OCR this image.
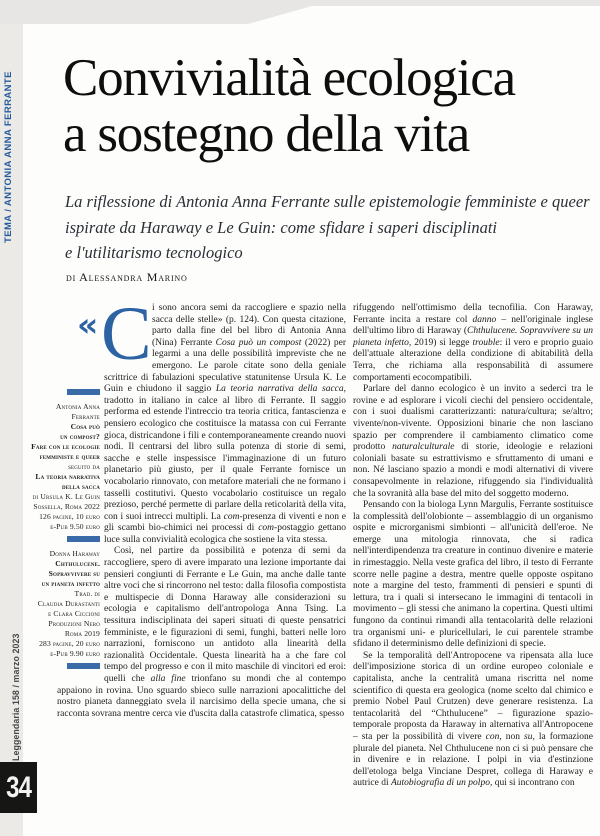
TEMA / ANTONIA ANNA FERRANTE Convivialità ecologica
a sostegno della vita
La riflessione di Antonia Anna Ferrante sulle epistemologie femministe e queer
ispirate da Haraway e Le Guin: come sfidare i saperi disciplinati
e l'utilitarismo tecnologico
di Alessandra Marino
Antonia Anna
Ferrante
Cosa può
un compost?
Fare con le ecologie
femministe e queer
seguito da
La teoria narrativa
della sacca
di Ursula K. Le Guin
Sossella, Roma 2022
126 pagine, 10 euro
e-Pub 9.50 euro
Donna Haraway
Chthulucene.
Sopravvivere su
un pianeta infetto
Trad. di
Claudia Durastanti
e Clara Ciccioni
Produzioni Nero
Roma 2019
283 pagine, 20 euro
e-Pub 9.90 euro

« C i sono ancora semi da raccogliere e spazio nella sacca delle stelle» (p. 124). Con questa citazione, parto dalla fine del bel libro di Antonia Anna (Nina) Ferrante Cosa può un compost (2022) per legarmi a una delle possibilità impreviste che ne emergono. Le parole citate sono della geniale scrittrice di fabulazioni speculative statunitense Ursula K. Le Guin e chiudono il saggio La teoria narrativa della sacca, tradotto in italiano in calce al libro di Ferrante. Il saggio performa ed estende l'intreccio tra teoria critica, fantascienza e pensiero ecologico che costituisce la matassa con cui Ferrante gioca, districandone i fili e contemporaneamente creando nuovi nodi. Il centrarsi del libro sulla potenza di storie di semi, sacche e stelle inspessisce l'immaginazione di un futuro planetario più giusto, per il quale Ferrante fornisce un vocabolario rinnovato, con metafore materiali che ne formano i tasselli costitutivi. Questo vocabolario costituisce un regalo prezioso, perché permette di parlare della reticolarità della vita, con i suoi intrecci multipli. La com-presenza di viventi e non e gli scambi bio-chimici nei processi di com-postaggio gettano luce sulla convivialità ecologica che sostiene la vita stessa.

Così, nel partire da possibilità e potenza di semi da raccogliere, spero di avere imparato una lezione importante dai pensieri congiunti di Ferrante e Le Guin, ma anche dalle tante altre voci che si rincorrono nel testo: dalla filosofia compostista e multispecie di Donna Haraway alle considerazioni su ecologia e capitalismo dell'antropologa Anna Tsing. La tessitura indisciplinata dei saperi situati di queste pensatrici femministe, e le figurazioni di semi, funghi, batteri nelle loro narrazioni, forniscono un antidoto alla linearità della razionalità Occidentale. Questa linearità ha a che fare col tempo del progresso e con il mito maschile di vincitori ed eroi: quelli che alla fine trionfano su mondi che al contempo appaiono in rovina. Uno sguardo sbieco sulle narrazioni apocalittiche del nostro pianeta danneggiato svela il narcisimo della specie umana, che si racconta sovrana mentre cerca vie d'uscita dalla catastrofe climatica, spesso

rifuggendo nell'ottimismo della tecnofilia. Con Haraway, Ferrante incita a restare col danno – nell'originale inglese dell'ultimo libro di Haraway (Chthulucene. Sopravvivere su un pianeta infetto, 2019) si legge trouble: il vero e proprio guaio dell'attuale alterazione della condizione di abitabilità della Terra, che richiama alla responsabilità di assumere comportamenti ecocompatibili.

Parlare del danno ecologico è un invito a sederci tra le rovine e ad esplorare i vicoli ciechi del pensiero occidentale, con i suoi dualismi caratterizzanti: natura/cultura; se/altro; vivente/non-vivente. Opposizioni binarie che non lasciano spazio per comprendere il cambiamento climatico come prodotto naturalculturale di storie, ideologie e relazioni coloniali basate su estrattivismo e sfruttamento di umani e non. Né lasciano spazio a mondi e modi alternativi di vivere consapevolmente in relazione, rifuggendo sia l'individualità che la sovranità alla base del mito del soggetto moderno.

Pensando con la biologa Lynn Margulis, Ferrante sostituisce la complessità dell'olobionte – assemblaggio di un organismo ospite e microrganismi simbionti – all'unicità dell'eroe. Ne emerge una mitologia rinnovata, che si radica nell'interdipendenza tra creature in continuo divenire e materie in rimestaggio. Nella veste grafica del libro, il testo di Ferrante scorre nelle pagine a destra, mentre quelle opposte ospitano note a margine del testo, frammenti di pensieri e spunti di lettura, tra i quali si intersecano le immagini di tentacoli in movimento – gli stessi che animano la copertina. Questi ultimi fungono da continui rimandi alla tentacolarità delle relazioni tra organismi uni- e pluricellulari, le cui parentele strambe sfidano il determinismo delle definizioni di specie.

Se la temporalità dell'Antropocene va ripensata alla luce dell'imposizione storica di un ordine europeo coloniale e capitalista, anche la centralità umana riscritta nel nome scientifico di questa era geologica (nome scelto dal chimico e premio Nobel Paul Crutzen) deve generare resistenza. La tentacolarità del “Chthulucene” – figurazione spazio-temporale proposta da Haraway in alternativa all'Antropocene – sta per la possibilità di vivere con, non su, la formazione plurale del pianeta. Nel Chthulucene non ci si può pensare che in divenire e in relazione. I polpi in via d'estinzione dell'etologa belga Vinciane Despret, collega di Haraway e autrice di Autobiografia di un polpo, qui si incontrano con

Leggendaria 158 / marzo 2023
34
